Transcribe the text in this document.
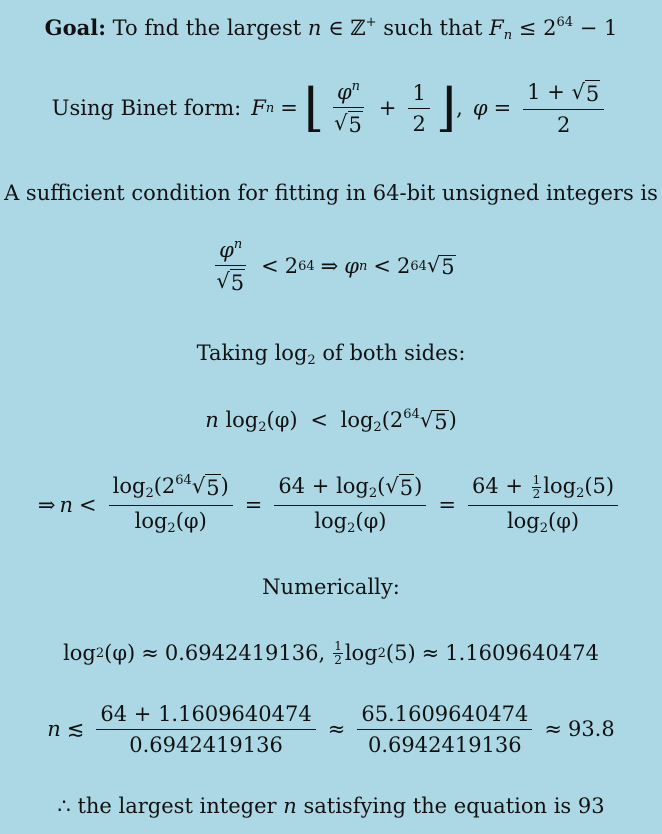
Goal: To fnd the largest n ∈ ℤ+ such that $F_n \le 2^{64} - 1$
Using Binet form: F n = ⌊ $\frac{\varphi^n}{√ 5} + \frac{1}{2}$ ⌋ , $\varphi = \frac{1 + √ 5}{2}$
A sufficient condition for fitting in 64-bit unsigned integers is
$\frac{\varphi^n}{√ 5} < 2$ 64 ⇒ φ n < 2 64 √ 5
Taking $\log_2$ of both sides:
n $\log_2(\varphi) < \log_2(2^{64}$ √ 5 )
⇒ $n < \frac{\log_2(2^{64} √ 5 )}{\log_2(\varphi)} = \frac{64 + \log_2( √ 5 )}{\log_2(\varphi)} = \frac{64 + \frac{1}{2} \log_2(5)}{\log_2(\varphi)}$
Numerically:
log 2 (φ) ≈ 0.6942419136, $\frac{1}{2}$ log 2 (5) ≈ 1.1609640474
n ≲ $\frac{64 + 1.1609640474}{0.6942419136} \approx \frac{65.1609640474}{0.6942419136} \approx 93.8$
∴ the largest integer n satisfying the equation is 93
